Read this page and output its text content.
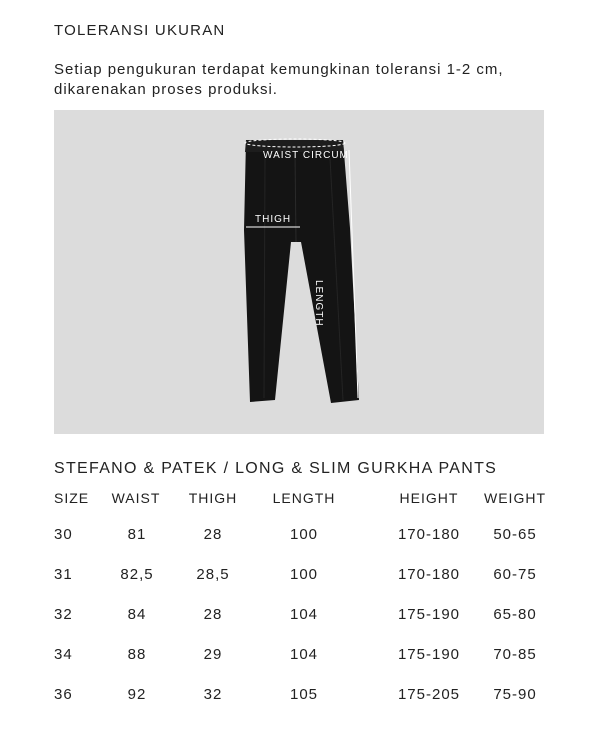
TOLERANSI UKURAN
Setiap pengukuran terdapat kemungkinan toleransi 1-2 cm, dikarenakan proses produksi.
WAIST CIRCUM
THIGH
LENGTH
STEFANO & PATEK / LONG & SLIM GURKHA PANTS
SIZE WAIST THIGH	LENGTH	HEIGHT WEIGHT
30	81	28	100	170-180 50-65
31	82,5	28,5	100	170-180 60-75
32	84	28	104	175-190 65-80
34	88	29	104	175-190 70-85
36	92	32	105	175-205 75-90
